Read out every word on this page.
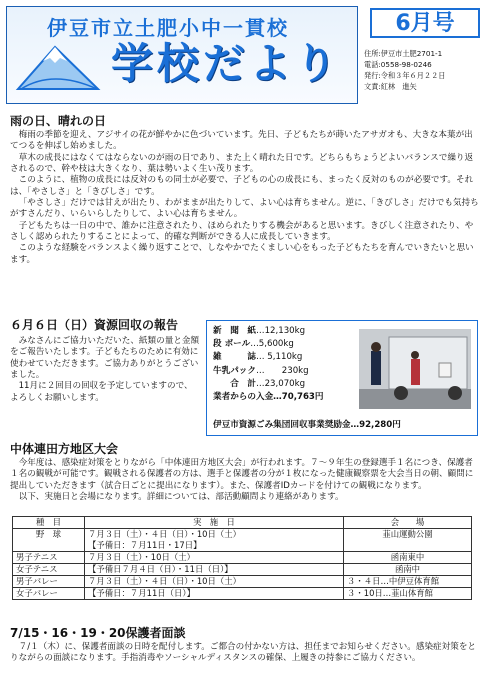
伊豆市立土肥小中一貫校
学校だより
6月号
住所:伊豆市土肥2701-1
電話:0558-98-0246
発行:令和３年６月２２日
文責:紅林　進矢
雨の日、晴れの日

梅雨の季節を迎え、アジサイの花が鮮やかに色づいています。先日、子どもたちが蒔いたアサガオも、大きな本葉が出てつるを伸ばし始めました。

草木の成長にはなくてはならないのが雨の日であり、また上く晴れた日です。どちらもちょうどよいバランスで繰り返されるので、幹や枝は大きくなり、葉は勢いよく生い茂ります。

このように、植物の成長には反対のもの同士が必要で、子どもの心の成長にも、まったく反対のものが必要です。それは、「やさしさ」と「きびしさ」です。

「やさしさ」だけでは甘えが出たり、わがままが出たりして、よい心は育ちません。逆に、「きびしさ」だけでも気持ちがすさんだり、いらいらしたりして、よい心は育ちません。

子どもたちは一日の中で、誰かに注意されたり、ほめられたりする機会があると思います。きびしく注意されたり、やさしく認められたりすることによって、的確な判断ができる人に成長していきます。

このような経験をバランスよく繰り返すことで、しなやかでたくましい心をもった子どもたちを育んでいきたいと思います。

６月６日（日）資源回収の報告

みなさんにご協力いただいた、紙類の量と金額をご報告いたします。子どもたちのために有効に使わせていただきます。ご協力ありがとうございました。

11月に２回目の回収を予定していますので、よろしくお願いします。

新　聞　紙…12,130kg
段 ボール…5,600kg
雑　　　誌… 5,110kg
牛乳パック…　　230kg
　　合　計…23,070kg
業者からの入金…70,763円
伊豆市資源ごみ集団回収事業奨励金…92,280円
中体連田方地区大会

今年度は、感染症対策をとりながら「中体連田方地区大会」が行われます。７～９年生の登録選手１名につき、保護者１名の観戦が可能です。観戦される保護者の方は、選手と保護者の分が１枚になった健康観察票を大会当日の朝、顧問に提出していただきます（試合日ごとに提出になります）。また、保護者IDカードを付けての観戦になります。

以下、実施日と会場になります。詳細については、部活動顧問より連絡があります。

種　目	実　施　日	会　　場
野　球	７月３日（土）・４日（日）・10日（土）
【予備日：７月11日・17日】	韮山運動公園
男子テニス	７月３日（土）・10日（土）	函南東中
女子テニス	【予備日７月４日（日）・11日（日）】	函南中
男子バレー	７月３日（土）・４日（日）・10日（土）	３・４日…中伊豆体育館
女子バレー	【予備日：７月11日（日）】	３・10日…韮山体育館
7/15・16・19・20保護者面談

７/１（木）に、保護者面談の日時を配付します。ご都合の付かない方は、担任までお知らせください。感染症対策をとりながらの面談になります。手指消毒やソーシャルディスタンスの確保、上履きの持参にご協力ください。
